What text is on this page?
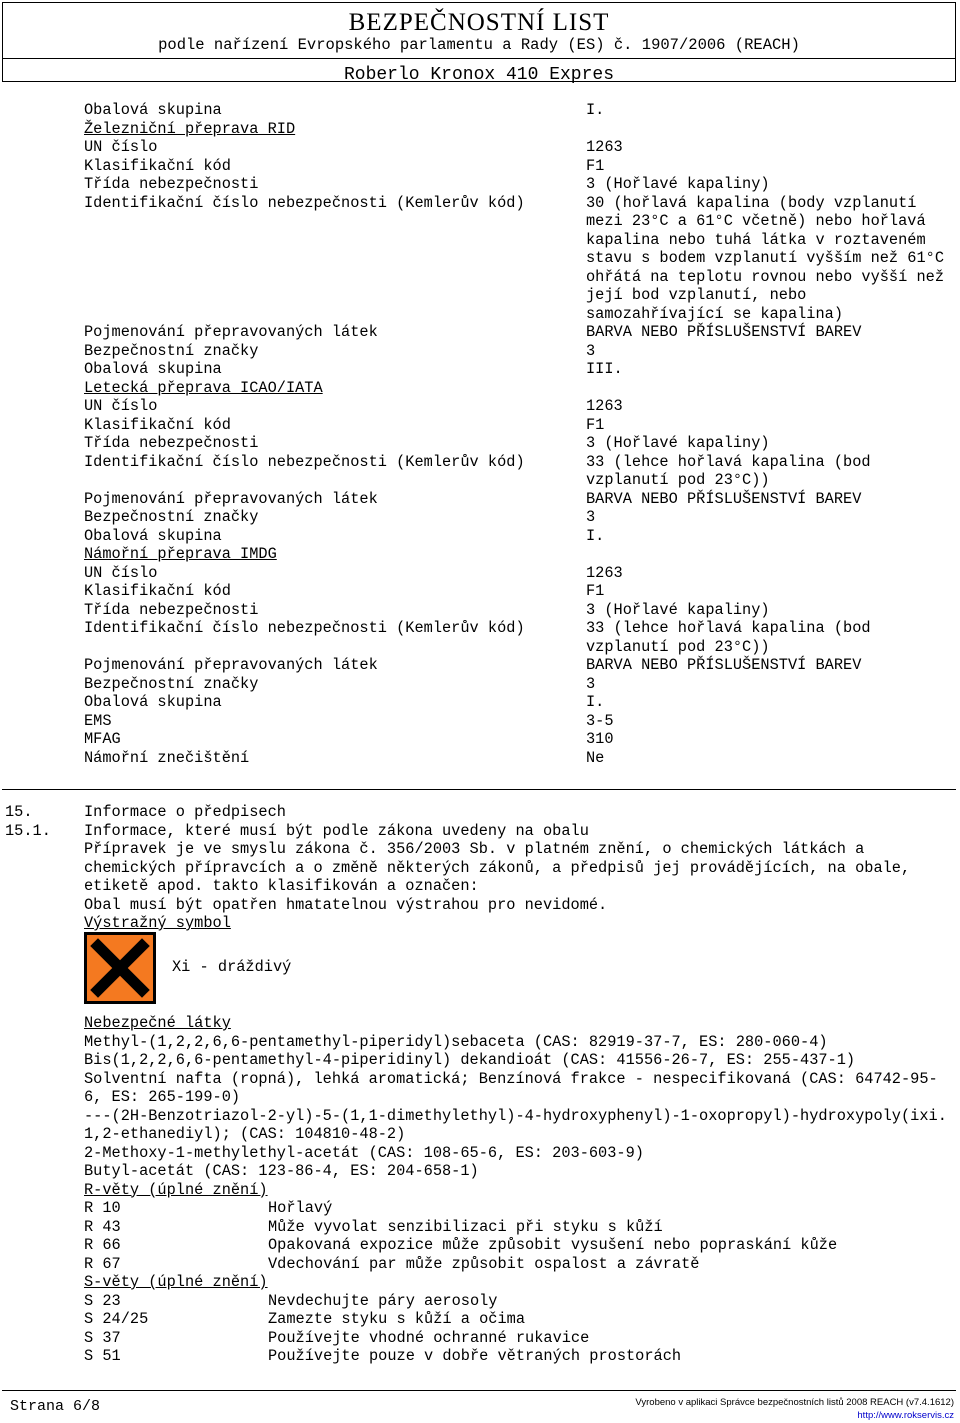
BEZPEČNOSTNÍ LIST
podle nařízení Evropského parlamentu a Rady (ES) č. 1907/2006 (REACH)
Roberlo Kronox 410 Expres
Obalová skupina	I.
Železniční přeprava RID
UN číslo	1263
Klasifikační kód	F1
Třída nebezpečnosti	3 (Hořlavé kapaliny)
Identifikační číslo nebezpečnosti (Kemlerův kód)	30 (hořlavá kapalina (body vzplanutí mezi 23°C a 61°C včetně) nebo hořlavá kapalina nebo tuhá látka v roztaveném stavu s bodem vzplanutí vyšším než 61°C ohřátá na teplotu rovnou nebo vyšší než její bod vzplanutí, nebo samozahřívající se kapalina)
Pojmenování přepravovaných látek	BARVA NEBO PŘÍSLUŠENSTVÍ BAREV
Bezpečnostní značky	3
Obalová skupina	III.
Letecká přeprava ICAO/IATA
UN číslo	1263
Klasifikační kód	F1
Třída nebezpečnosti	3 (Hořlavé kapaliny)
Identifikační číslo nebezpečnosti (Kemlerův kód)	33 (lehce hořlavá kapalina (bod vzplanutí pod 23°C))
Pojmenování přepravovaných látek	BARVA NEBO PŘÍSLUŠENSTVÍ BAREV
Bezpečnostní značky	3
Obalová skupina	I.
Námořní přeprava IMDG
UN číslo	1263
Klasifikační kód	F1
Třída nebezpečnosti	3 (Hořlavé kapaliny)
Identifikační číslo nebezpečnosti (Kemlerův kód)	33 (lehce hořlavá kapalina (bod vzplanutí pod 23°C))
Pojmenování přepravovaných látek	BARVA NEBO PŘÍSLUŠENSTVÍ BAREV
Bezpečnostní značky	3
Obalová skupina	I.
EMS	3-5
MFAG	310
Námořní znečištění	Ne
15.	Informace o předpisech
15.1. Informace, které musí být podle zákona uvedeny na obalu
Přípravek je ve smyslu zákona č. 356/2003 Sb. v platném znění, o chemických látkách a chemických přípravcích a o změně některých zákonů, a předpisů jej provádějících, na obale, etiketě apod. takto klasifikován a označen:
Obal musí být opatřen hmatatelnou výstrahou pro nevidomé.
Výstražný symbol
Xi - dráždivý
Nebezpečné látky
Methyl-(1,2,2,6,6-pentamethyl-piperidyl)sebaceta (CAS: 82919-37-7, ES: 280-060-4)
Bis(1,2,2,6,6-pentamethyl-4-piperidinyl) dekandioát (CAS: 41556-26-7, ES: 255-437-1)
Solventní nafta (ropná), lehká aromatická; Benzínová frakce - nespecifikovaná (CAS: 64742-95-6, ES: 265-199-0)
---(2H-Benzotriazol-2-yl)-5-(1,1-dimethylethyl)-4-hydroxyphenyl)-1-oxopropyl)-hydroxypoly(ixi.1,2-ethanediyl); (CAS: 104810-48-2)
2-Methoxy-1-methylethyl-acetát (CAS: 108-65-6, ES: 203-603-9)
Butyl-acetát (CAS: 123-86-4, ES: 204-658-1)
R-věty (úplné znění)
R 10	Hořlavý
R 43	Může vyvolat senzibilizaci při styku s kůží
R 66	Opakovaná expozice může způsobit vysušení nebo popraskání kůže
R 67	Vdechování par může způsobit ospalost a závratě
S-věty (úplné znění)
S 23	Nevdechujte páry aerosoly
S 24/25	Zamezte styku s kůží a očima
S 37	Používejte vhodné ochranné rukavice
S 51	Používejte pouze v dobře větraných prostorách
Strana 6/8	Vyrobeno v aplikaci Správce bezpečnostních listů 2008 REACH (v7.4.1612)
http://www.rokservis.cz
